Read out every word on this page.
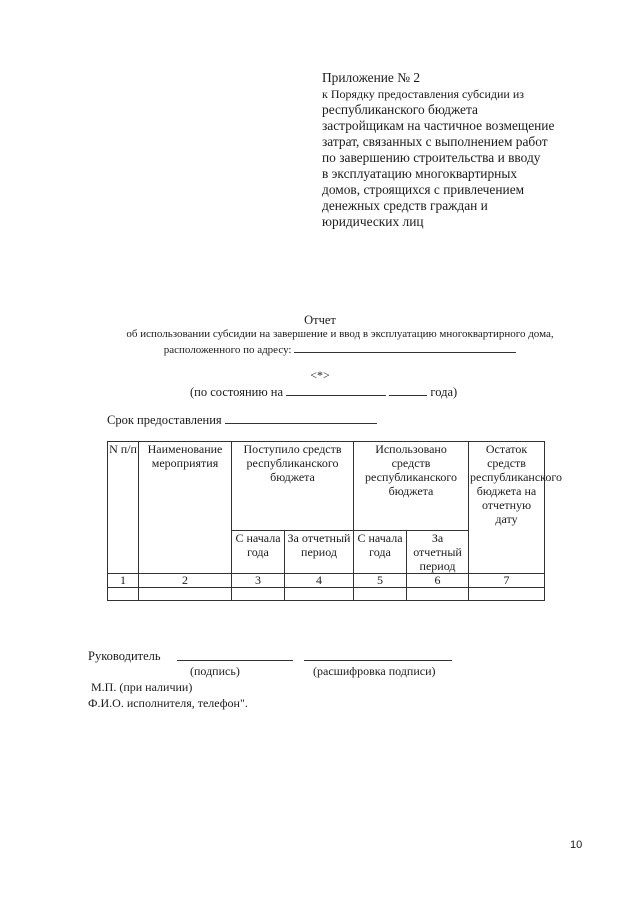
Приложение № 2
к Порядку предоставления субсидии из
республиканского бюджета
застройщикам на частичное возмещение
затрат, связанных с выполнением работ
по завершению строительства и вводу
в эксплуатацию многоквартирных
домов, строящихся с привлечением
денежных средств граждан и
юридических лиц
Отчет
об использовании субсидии на завершение и ввод в эксплуатацию многоквартирного дома,
расположенного по адресу:
<*>
(по состоянию на	года)
Срок предоставления
N п/п	Наименование мероприятия	Поступило средств республиканского бюджета		Использовано средств республиканского бюджета		Остаток средств республиканского бюджета на отчетную дату
		С начала года	За отчетный период	С начала года	За отчетный период	
1	2	3	4	5	6	7

Руководитель
(подпись)	(расшифровка подписи)
М.П. (при наличии)
Ф.И.О. исполнителя, телефон".
10
